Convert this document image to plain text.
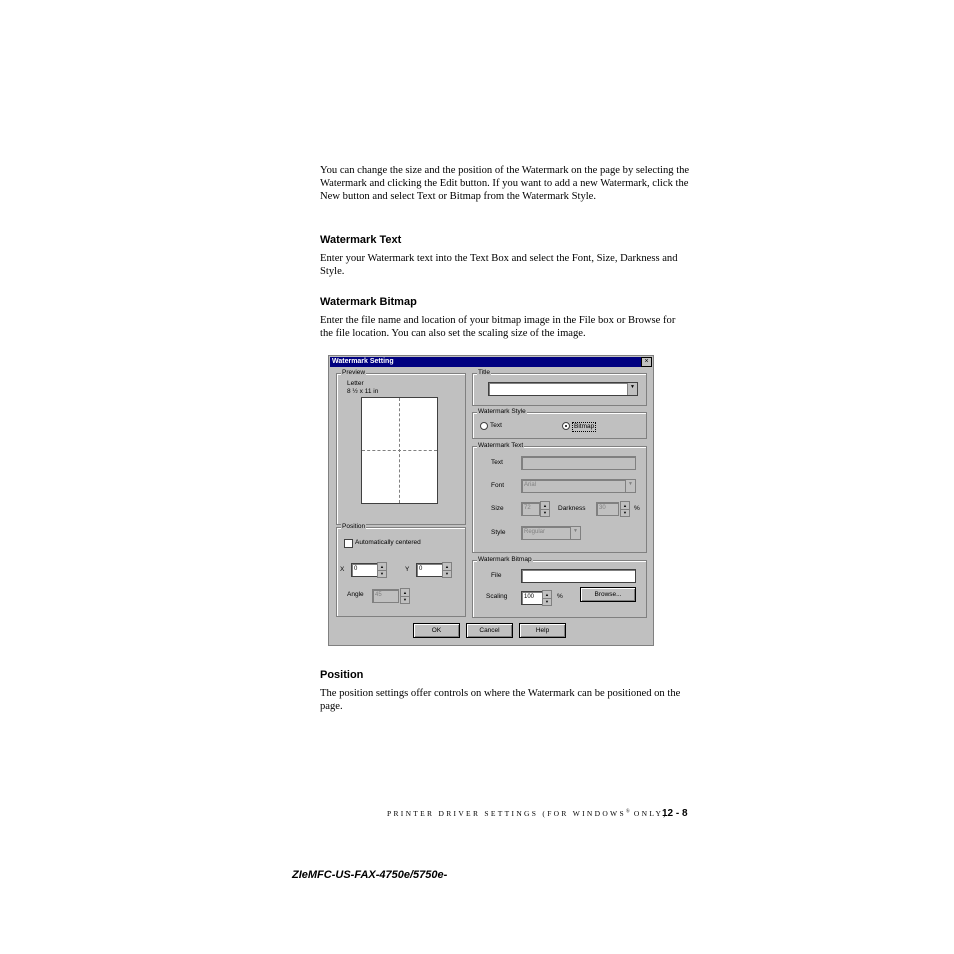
You can change the size and the position of the Watermark on the page by selecting the Watermark and clicking the Edit button. If you want to add a new Watermark, click the New button and select Text or Bitmap from the Watermark Style.

Watermark Text

Enter your Watermark text into the Text Box and select the Font, Size, Darkness and Style.

Watermark Bitmap

Enter the file name and location of your bitmap image in the File box or Browse for the file location. You can also set the scaling size of the image.

Watermark Setting	×
Preview
Letter
8 ½ x 11 in
Position
Automatically centered
X 0	▲
▼
Y 0	▲
▼
Angle 45	▲
▼
Title
▼
Watermark Style
Text	Bitmap
Watermark Text
Text
Font	Arial	▼
Size	72	▲
▼
Darkness 30	▲
▼
%
Style	Regular	▼
Watermark Bitmap
File
Scaling	100	▲
▼
%	Browse...
OK	Cancel	Help
Position

The position settings offer controls on where the Watermark can be positioned on the page.

PRINTER DRIVER SETTINGS (FOR WINDOWS® ONLY)
12 - 8
ZIeMFC-US-FAX-4750e/5750e-
